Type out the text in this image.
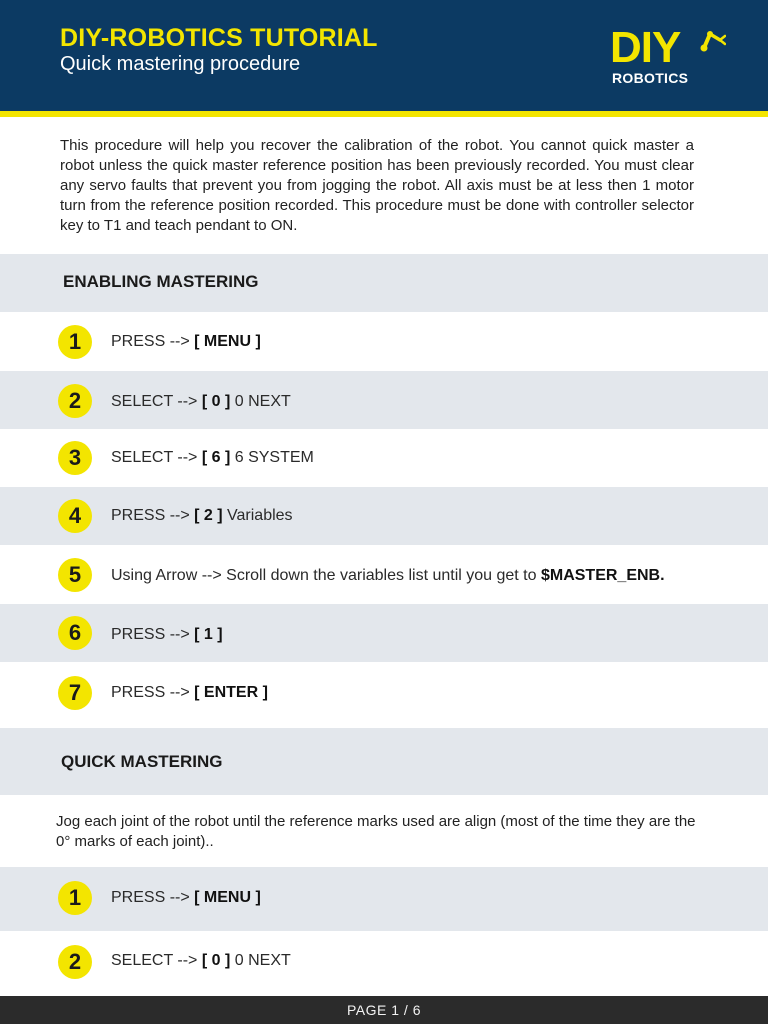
DIY-ROBOTICS TUTORIAL
Quick mastering procedure	DIY
ROBOTICS
This procedure will help you recover the calibration of the robot. You cannot quick master a robot unless the quick master reference position has been previously recorded. You must clear any servo faults that prevent you from jogging the robot. All axis must be at less then 1 motor turn from the reference position recorded. This procedure must be done with controller selector key to T1 and teach pendant to ON.
ENABLING MASTERING
1	PRESS --> [ MENU ]
2	SELECT --> [ 0 ] 0 NEXT
3	SELECT --> [ 6 ] 6 SYSTEM
4	PRESS --> [ 2 ] Variables
5	Using Arrow --> Scroll down the variables list until you get to $MASTER_ENB.
6	PRESS --> [ 1 ]
7	PRESS --> [ ENTER ]
QUICK MASTERING
Jog each joint of the robot until the reference marks used are align (most of the time they are the 0° marks of each joint)..
1	PRESS --> [ MENU ]
2	SELECT --> [ 0 ] 0 NEXT
PAGE 1 / 6
